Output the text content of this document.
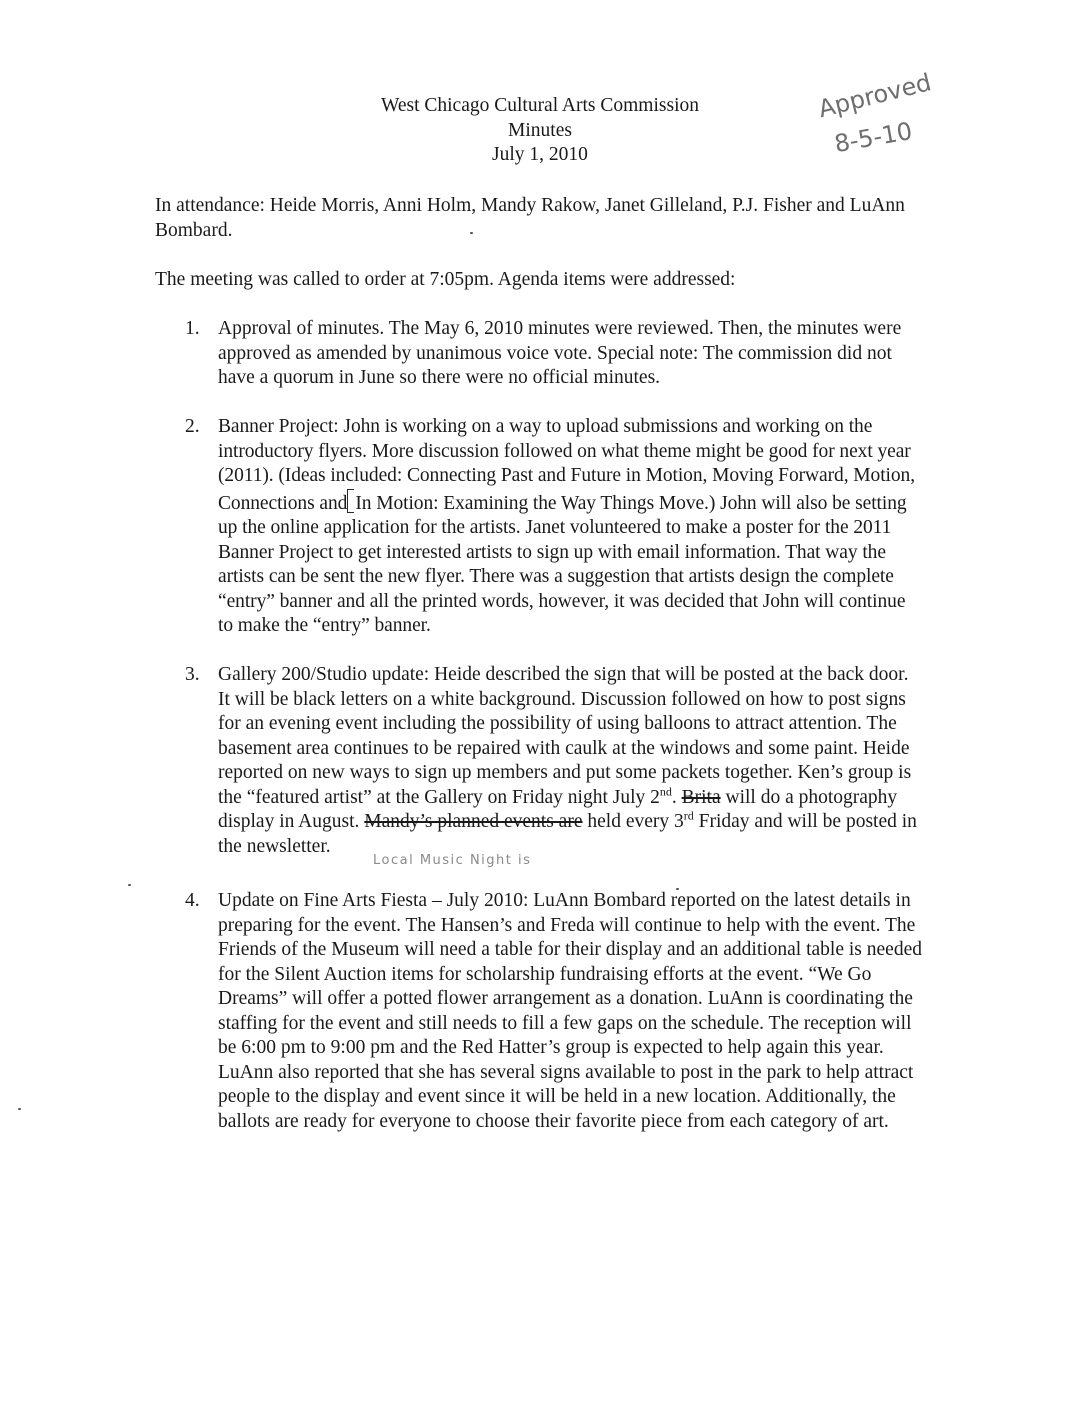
West Chicago Cultural Arts Commission
Minutes
July 1, 2010
Approved
8-5-10

In attendance: Heide Morris, Anni Holm, Mandy Rakow, Janet Gilleland, P.J. Fisher and LuAnn Bombard.

The meeting was called to order at 7:05pm. Agenda items were addressed:

1. Approval of minutes. The May 6, 2010 minutes were reviewed. Then, the minutes were approved as amended by unanimous voice vote. Special note: The commission did not have a quorum in June so there were no official minutes.

2. Banner Project: John is working on a way to upload submissions and working on the introductory flyers. More discussion followed on what theme might be good for next year (2011). (Ideas included: Connecting Past and Future in Motion, Moving Forward, Motion, Connections and In Motion: Examining the Way Things Move.) John will also be setting up the online application for the artists. Janet volunteered to make a poster for the 2011 Banner Project to get interested artists to sign up with email information. That way the artists can be sent the new flyer. There was a suggestion that artists design the complete “entry” banner and all the printed words, however, it was decided that John will continue to make the “entry” banner.

3. Gallery 200/Studio update: Heide described the sign that will be posted at the back door. It will be black letters on a white background. Discussion followed on how to post signs for an evening event including the possibility of using balloons to attract attention. The basement area continues to be repaired with caulk at the windows and some paint. Heide reported on new ways to sign up members and put some packets together. Ken’s group is the “featured artist” at the Gallery on Friday night July 2nd. Brita will do a photography display in August. Mandy’s planned events are held every 3rd Friday and will be posted in the newsletter.

Local Music Night is
4. Update on Fine Arts Fiesta – July 2010: LuAnn Bombard reported on the latest details in preparing for the event. The Hansen’s and Freda will continue to help with the event. The Friends of the Museum will need a table for their display and an additional table is needed for the Silent Auction items for scholarship fundraising efforts at the event. “We Go Dreams” will offer a potted flower arrangement as a donation. LuAnn is coordinating the staffing for the event and still needs to fill a few gaps on the schedule. The reception will be 6:00 pm to 9:00 pm and the Red Hatter’s group is expected to help again this year. LuAnn also reported that she has several signs available to post in the park to help attract people to the display and event since it will be held in a new location. Additionally, the ballots are ready for everyone to choose their favorite piece from each category of art.
